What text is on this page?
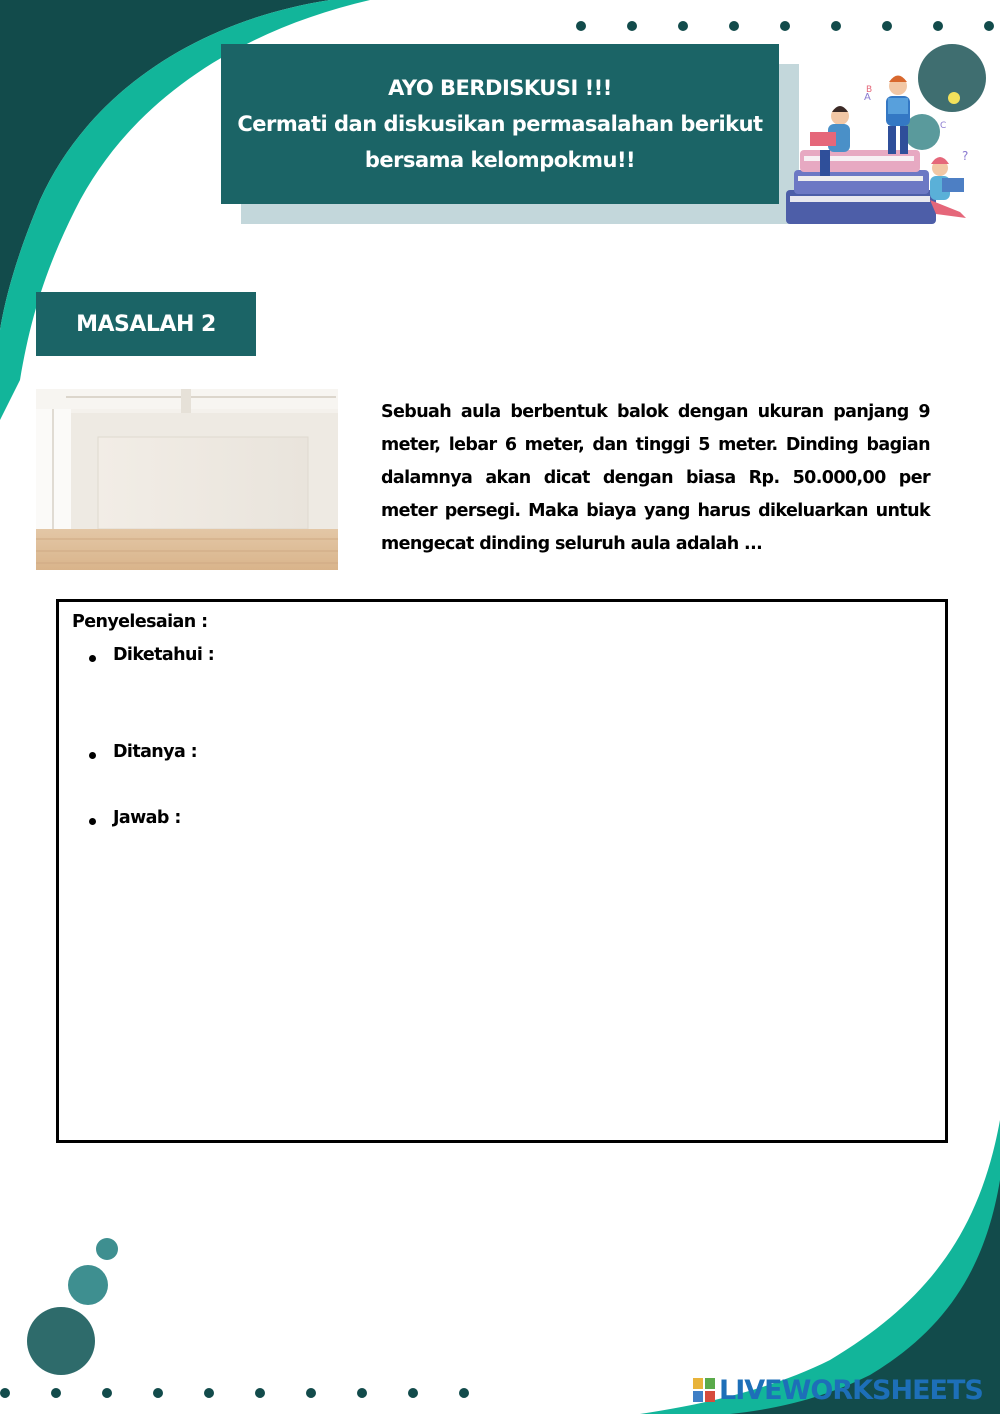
AYO BERDISKUSI !!!
Cermati dan diskusikan permasalahan berikut
bersama kelompokmu!!
A
B
C
?
MASALAH 2
Sebuah aula berbentuk balok dengan ukuran panjang 9 meter, lebar 6 meter, dan tinggi 5 meter. Dinding bagian dalamnya akan dicat dengan biasa Rp. 50.000,00 per meter persegi. Maka biaya yang harus dikeluarkan untuk mengecat dinding seluruh aula adalah ...
Penyelesaian :
Diketahui :
Ditanya :
Jawab :
LIVEWORKSHEETS
